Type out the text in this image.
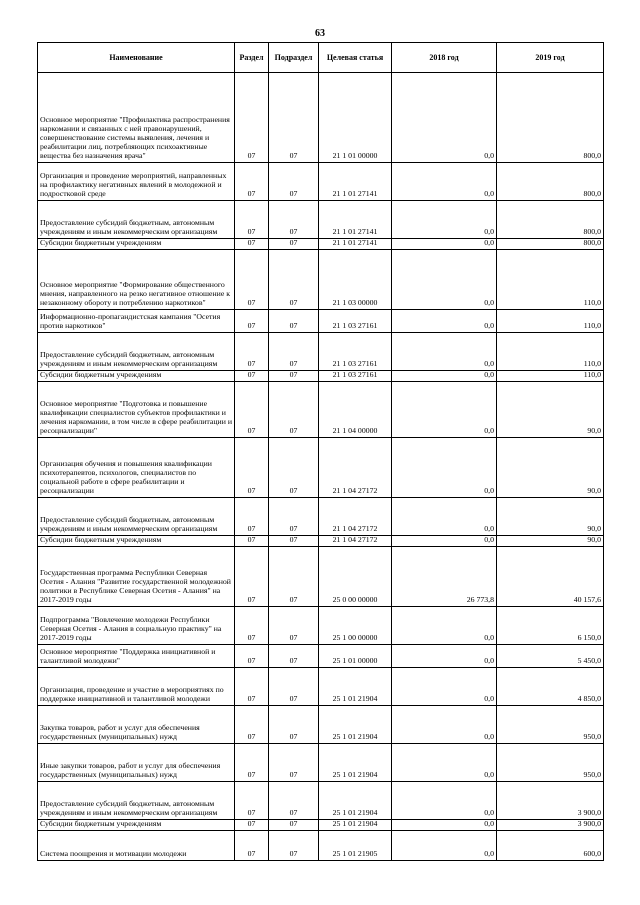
63
Наименование	Раздел	Подраздел	Целевая статья	2018 год	2019 год
Основное мероприятие "Профилактика распространения наркомании и связанных с ней правонарушений, совершенствование системы выявления, лечения и реабилитации лиц, потребляющих психоактивные вещества без назначения врача"	07	07	21 1 01 00000	0,0	800,0
Организация и проведение мероприятий, направленных на профилактику негативных явлений в молодежной и подростковой среде	07	07	21 1 01 27141	0,0	800,0
Предоставление субсидий бюджетным, автономным учреждениям и иным некоммерческим организациям	07	07	21 1 01 27141	0,0	800,0
Субсидии бюджетным учреждениям	07	07	21 1 01 27141	0,0	800,0
Основное мероприятие "Формирование общественного мнения, направленного на резко негативное отношение к незаконному обороту и потреблению наркотиков"	07	07	21 1 03 00000	0,0	110,0
Информационно-пропагандистская кампания "Осетия против наркотиков"	07	07	21 1 03 27161	0,0	110,0
Предоставление субсидий бюджетным, автономным учреждениям и иным некоммерческим организациям	07	07	21 1 03 27161	0,0	110,0
Субсидии бюджетным учреждениям	07	07	21 1 03 27161	0,0	110,0
Основное мероприятие "Подготовка и повышение квалификации специалистов субъектов профилактики и лечения наркомании, в том числе в сфере реабилитации и ресоциализации"	07	07	21 1 04 00000	0,0	90,0
Организация обучения и повышения квалификации психотерапевтов, психологов, специалистов по социальной работе в сфере реабилитации и ресоциализации	07	07	21 1 04 27172	0,0	90,0
Предоставление субсидий бюджетным, автономным учреждениям и иным некоммерческим организациям	07	07	21 1 04 27172	0,0	90,0
Субсидии бюджетным учреждениям	07	07	21 1 04 27172	0,0	90,0
Государственная программа Республики Северная Осетия - Алания "Развитие государственной молодежной политики в Республике Северная Осетия - Алания" на 2017-2019 годы	07	07	25 0 00 00000	26 773,8	40 157,6
Подпрограмма "Вовлечение молодежи Республики Северная Осетия - Алания в социальную практику" на 2017-2019 годы	07	07	25 1 00 00000	0,0	6 150,0
Основное мероприятие "Поддержка инициативной и талантливой молодежи"	07	07	25 1 01 00000	0,0	5 450,0
Организация, проведение и участие в мероприятиях по поддержке инициативной и талантливой молодежи	07	07	25 1 01 21904	0,0	4 850,0
Закупка товаров, работ и услуг для обеспечения государственных (муниципальных) нужд	07	07	25 1 01 21904	0,0	950,0
Иные закупки товаров, работ и услуг для обеспечения государственных (муниципальных) нужд	07	07	25 1 01 21904	0,0	950,0
Предоставление субсидий бюджетным, автономным учреждениям и иным некоммерческим организациям	07	07	25 1 01 21904	0,0	3 900,0
Субсидии бюджетным учреждениям	07	07	25 1 01 21904	0,0	3 900,0
Система поощрения и мотивации молодежи	07	07	25 1 01 21905	0,0	600,0
